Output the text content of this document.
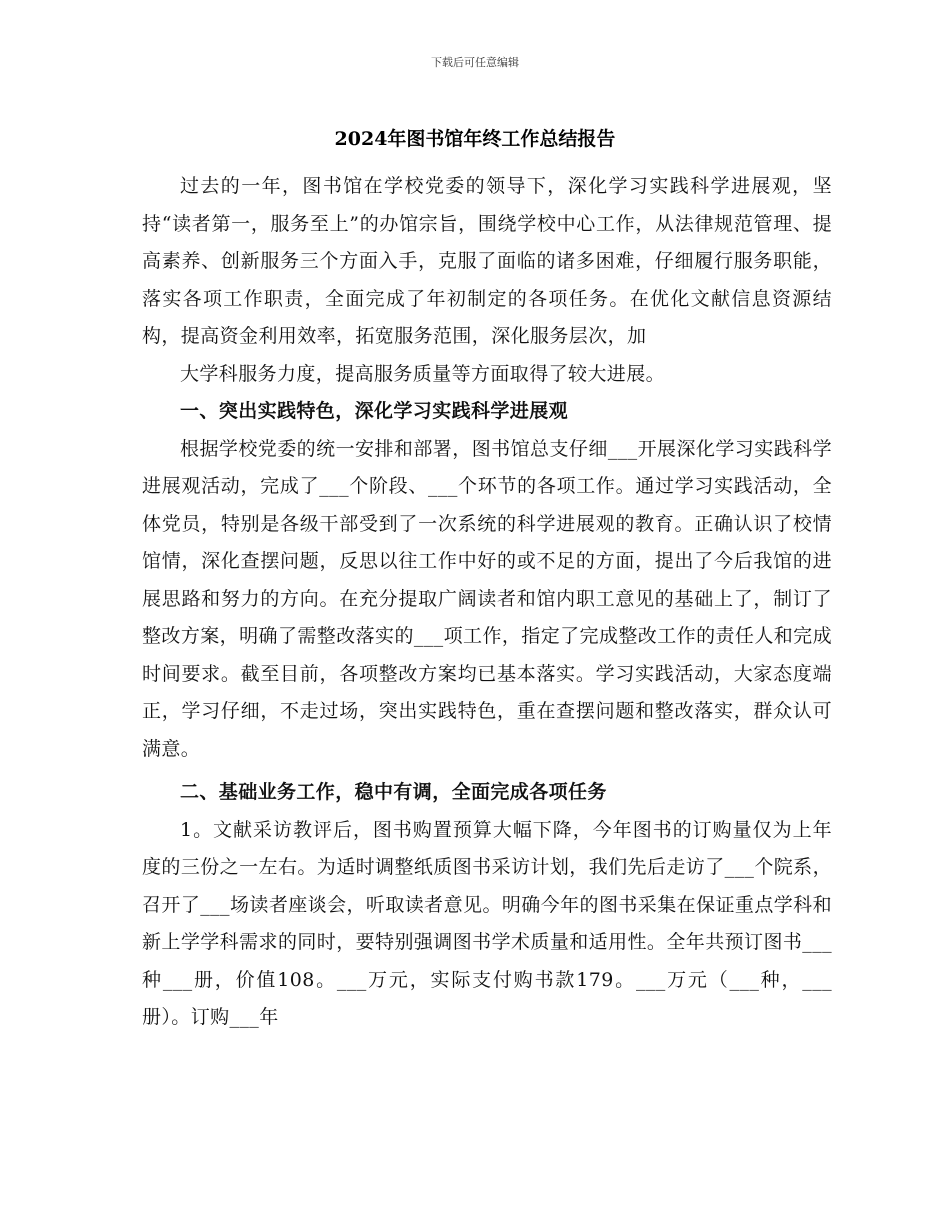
下载后可任意编辑
2024年图书馆年终工作总结报告

过去的一年，图书馆在学校党委的领导下，深化学习实践科学进展观，坚持“读者第一，服务至上”的办馆宗旨，围绕学校中心工作，从法律规范管理、提高素养、创新服务三个方面入手，克服了面临的诸多困难，仔细履行服务职能，落实各项工作职责，全面完成了年初制定的各项任务。在优化文献信息资源结构，提高资金利用效率，拓宽服务范围，深化服务层次，加

大学科服务力度，提高服务质量等方面取得了较大进展。

一、突出实践特色，深化学习实践科学进展观

根据学校党委的统一安排和部署，图书馆总支仔细___开展深化学习实践科学进展观活动，完成了___个阶段、___个环节的各项工作。通过学习实践活动，全体党员，特别是各级干部受到了一次系统的科学进展观的教育。正确认识了校情馆情，深化查摆问题，反思以往工作中好的或不足的方面，提出了今后我馆的进展思路和努力的方向。在充分提取广阔读者和馆内职工意见的基础上了，制订了整改方案，明确了需整改落实的___项工作，指定了完成整改工作的责任人和完成时间要求。截至目前，各项整改方案均已基本落实。学习实践活动，大家态度端正，学习仔细，不走过场，突出实践特色，重在查摆问题和整改落实，群众认可满意。

二、基础业务工作，稳中有调，全面完成各项任务

1。文献采访教评后，图书购置预算大幅下降，今年图书的订购量仅为上年度的三份之一左右。为适时调整纸质图书采访计划，我们先后走访了___个院系，召开了___场读者座谈会，听取读者意见。明确今年的图书采集在保证重点学科和新上学学科需求的同时，要特别强调图书学术质量和适用性。全年共预订图书___种___册，价值108。___万元，实际支付购书款179。___万元（___种，___册）。订购___年
